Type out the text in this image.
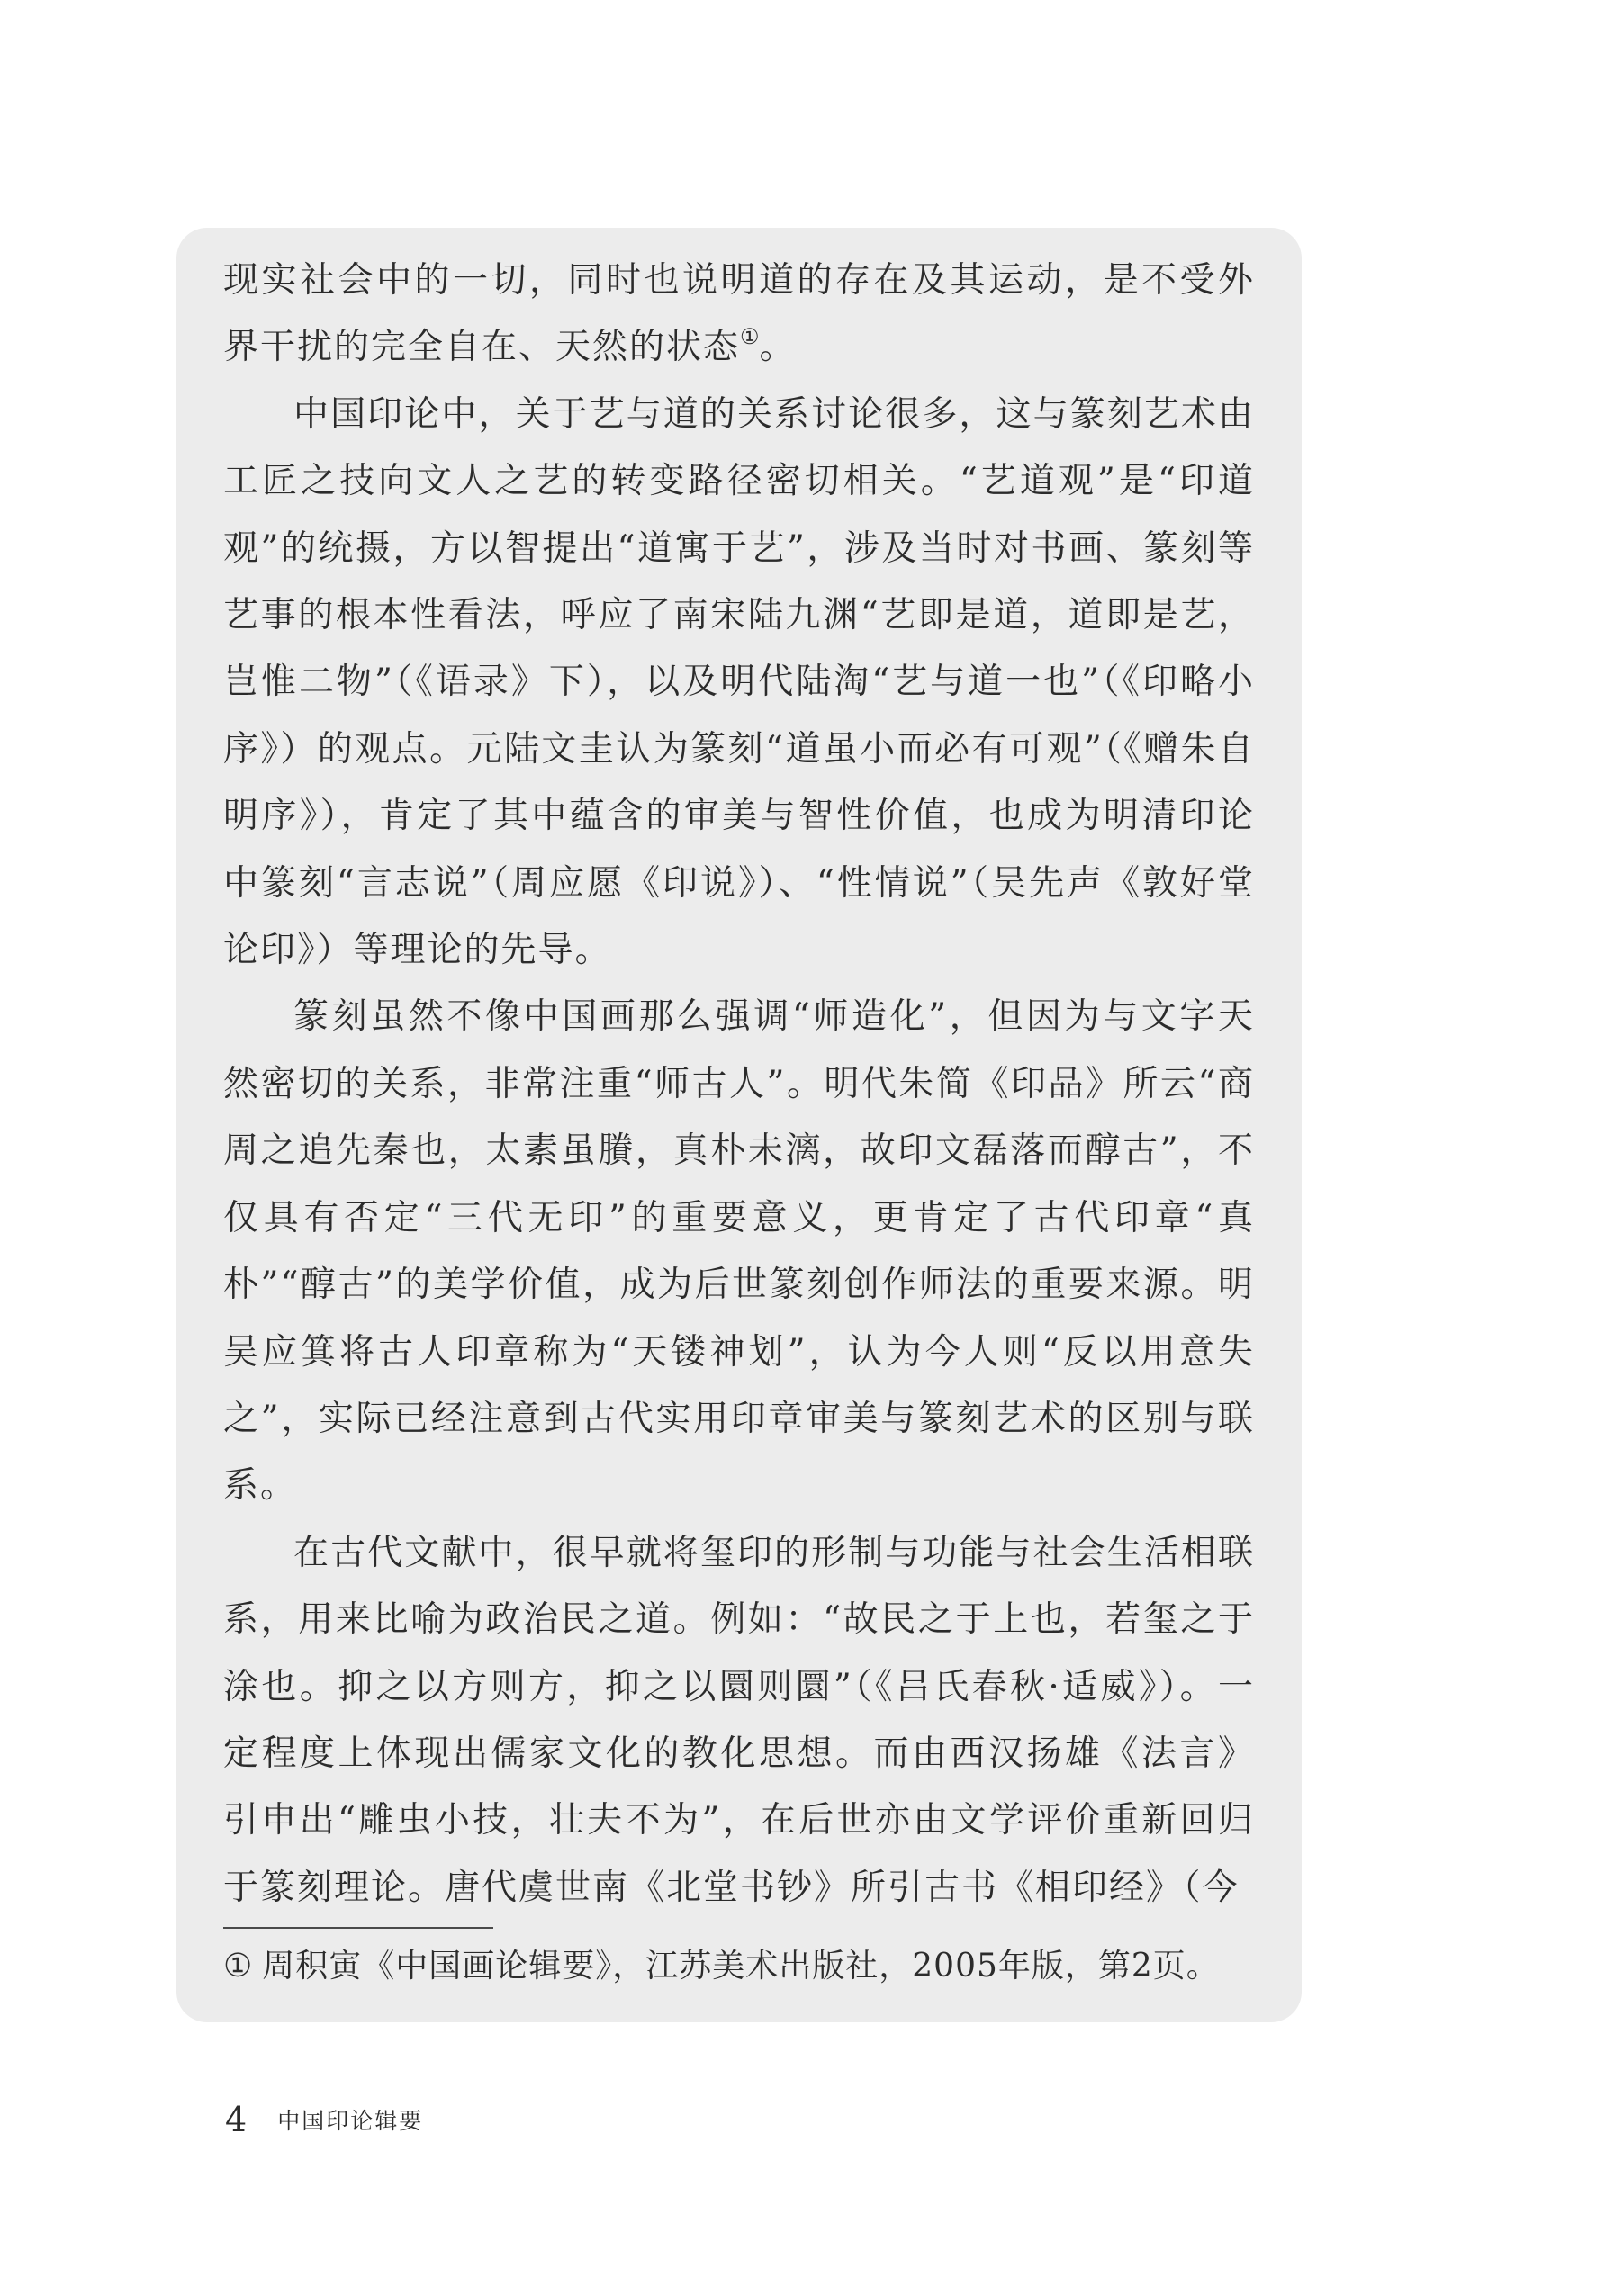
现实社会中的一切，同时也说明道的存在及其运动，是不受外界干扰的完全自在、天然的状态①。

中国印论中，关于艺与道的关系讨论很多，这与篆刻艺术由工匠之技向文人之艺的转变路径密切相关。“艺道观”是“印道观”的统摄，方以智提出“道寓于艺”，涉及当时对书画、篆刻等艺事的根本性看法，呼应了南宋陆九渊“艺即是道，道即是艺，岂惟二物”（《语录》下），以及明代陆淘“艺与道一也”（《印略小序》）的观点。元陆文圭认为篆刻“道虽小而必有可观”（《赠朱自明序》），肯定了其中蕴含的审美与智性价值，也成为明清印论中篆刻“言志说”（周应愿《印说》）、“性情说”（吴先声《敦好堂论印》）等理论的先导。

篆刻虽然不像中国画那么强调“师造化”，但因为与文字天然密切的关系，非常注重“师古人”。明代朱简《印品》所云“商周之追先秦也，太素虽賸，真朴未漓，故印文磊落而醇古”，不仅具有否定“三代无印”的重要意义，更肯定了古代印章“真朴”“醇古”的美学价值，成为后世篆刻创作师法的重要来源。明吴应箕将古人印章称为“天镂神划”，认为今人则“反以用意失之”，实际已经注意到古代实用印章审美与篆刻艺术的区别与联系。

在古代文献中，很早就将玺印的形制与功能与社会生活相联系，用来比喻为政治民之道。例如：“故民之于上也，若玺之于涂也。抑之以方则方，抑之以圜则圜”（《吕氏春秋·适威》）。一定程度上体现出儒家文化的教化思想。而由西汉扬雄《法言》引申出“雕虫小技，壮夫不为”，在后世亦由文学评价重新回归于篆刻理论。唐代虞世南《北堂书钞》所引古书《相印经》（今

① 周积寅《中国画论辑要》，江苏美术出版社，2005年版，第2页。
4 中国印论辑要
